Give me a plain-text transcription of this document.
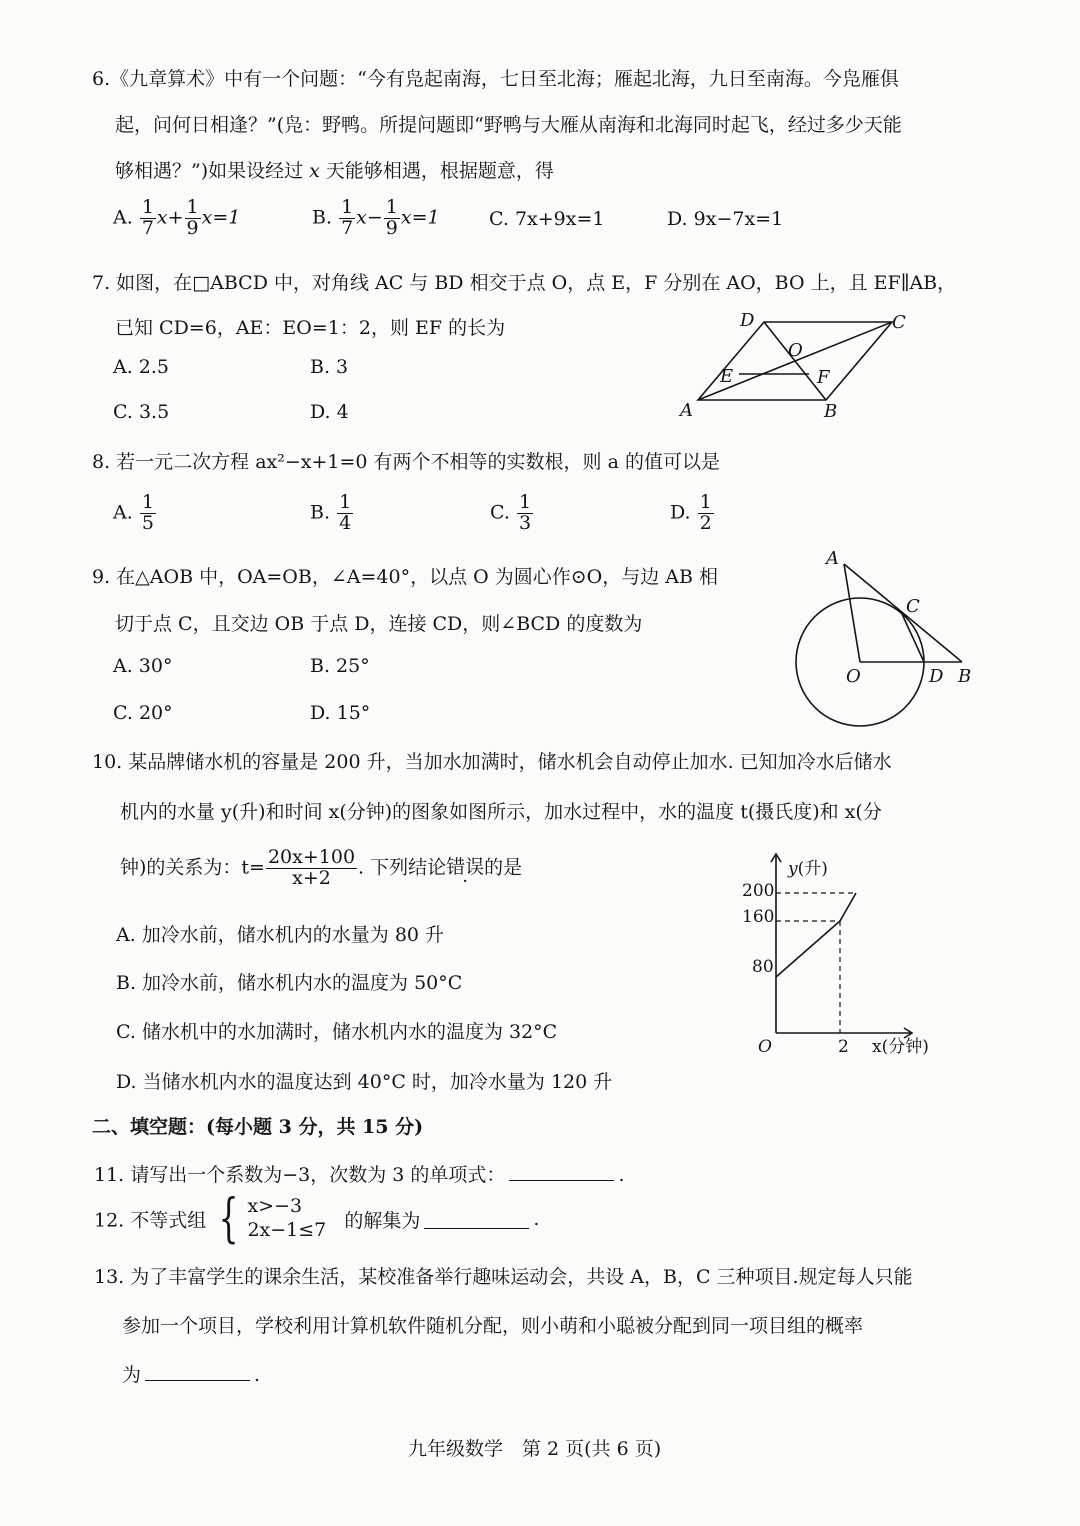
6.《九章算术》中有一个问题：“今有凫起南海，七日至北海；雁起北海，九日至南海。今凫雁俱
起，问何日相逢？”(凫：野鸭。所提问题即“野鸭与大雁从南海和北海同时起飞，经过多少天能
够相遇？”)如果设经过 x 天能够相遇，根据题意，得
A. $\frac{1}{7} x+ \frac{1}{9} x=1$	B. $\frac{1}{7} x- \frac{1}{9} x=1$	C. 7x+9x=1	D. 9x−7x=1
7. 如图，在□ABCD 中，对角线 AC 与 BD 相交于点 O，点 E，F 分别在 AO，BO 上，且 EF∥AB，
已知 CD=6，AE：EO=1：2，则 EF 的长为
A. 2.5	B. 3
C. 3.5	D. 4	A	B
C
D
O
E	F
8. 若一元二次方程 ax²−x+1=0 有两个不相等的实数根，则 a 的值可以是
A. $\frac{1}{5}$	B. $\frac{1}{4}$	C. $\frac{1}{3}$	D. $\frac{1}{2}$
9. 在△AOB 中，OA=OB，∠A=40°，以点 O 为圆心作⊙O，与边 AB 相
切于点 C，且交边 OB 于点 D，连接 CD，则∠BCD 的度数为
A. 30°	B. 25°
C. 20°	D. 15°
A
C
O	D B
10. 某品牌储水机的容量是 200 升，当加水加满时，储水机会自动停止加水. 已知加冷水后储水
机内的水量 y(升)和时间 x(分钟)的图象如图所示，加水过程中，水的温度 t(摄氏度)和 x(分
钟)的关系为：$t= \frac{20x+100}{x+2}$ . 下列结论错误的是
A. 加冷水前，储水机内的水量为 80 升
B. 加冷水前，储水机内水的温度为 50°C
C. 储水机中的水加满时，储水机内水的温度为 32°C
D. 当储水机内水的温度达到 40°C 时，加冷水量为 120 升
y(升)
x(分钟)
O
200
160
80
2
二、填空题：(每小题 3 分，共 15 分)
11. 请写出一个系数为−3，次数为 3 的单项式：	.
12. 不等式组 { x>−3
2x−1≤7 的解集为	.
13. 为了丰富学生的课余生活，某校准备举行趣味运动会，共设 A，B，C 三种项目.规定每人只能
参加一个项目，学校利用计算机软件随机分配，则小萌和小聪被分配到同一项目组的概率
为	.
九年级数学　第 2 页(共 6 页)
